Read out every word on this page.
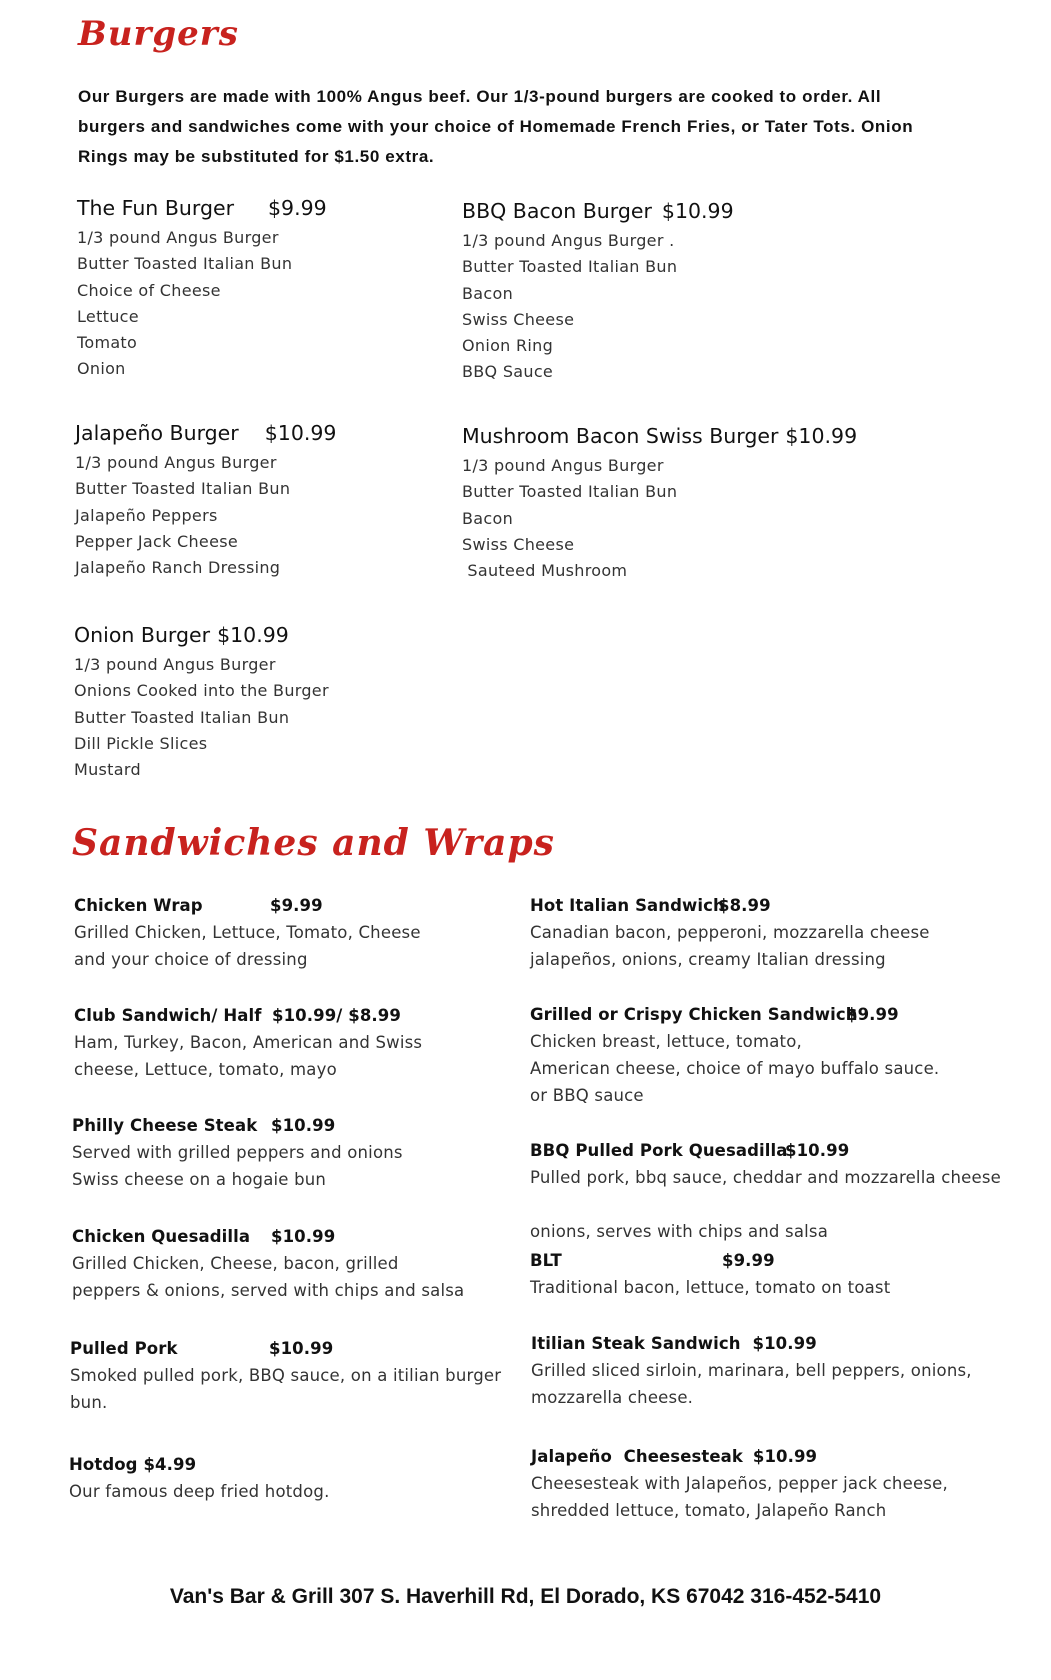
Burgers

Our Burgers are made with 100% Angus beef. Our 1/3-pound burgers are cooked to order. All burgers and sandwiches come with your choice of Homemade French Fries, or Tater Tots. Onion Rings may be substituted for $1.50 extra.

The Fun Burger $9.99
1/3 pound Angus Burger
Butter Toasted Italian Bun
Choice of Cheese
Lettuce
Tomato
Onion
BBQ Bacon Burger $10.99
1/3 pound Angus Burger .
Butter Toasted Italian Bun
Bacon
Swiss Cheese
Onion Ring
BBQ Sauce
Jalapeño Burger $10.99
1/3 pound Angus Burger
Butter Toasted Italian Bun
Jalapeño Peppers
Pepper Jack Cheese
Jalapeño Ranch Dressing
Mushroom Bacon Swiss Burger $10.99
1/3 pound Angus Burger
Butter Toasted Italian Bun
Bacon
Swiss Cheese
Sauteed Mushroom
Onion Burger $10.99
1/3 pound Angus Burger
Onions Cooked into the Burger
Butter Toasted Italian Bun
Dill Pickle Slices
Mustard
Sandwiches and Wraps
Chicken Wrap	$9.99
Grilled Chicken, Lettuce, Tomato, Cheese
and your choice of dressing
Club Sandwich/ Half $10.99/ $8.99
Ham, Turkey, Bacon, American and Swiss
cheese, Lettuce, tomato, mayo
Philly Cheese Steak $10.99
Served with grilled peppers and onions
Swiss cheese on a hogaie bun
Chicken Quesadilla $10.99
Grilled Chicken, Cheese, bacon, grilled
peppers & onions, served with chips and salsa
Pulled Pork	$10.99
Smoked pulled pork, BBQ sauce, on a itilian burger
bun.
Hotdog $4.99
Our famous deep fried hotdog.
Hot Italian Sandwich$8.99
Canadian bacon, pepperoni, mozzarella cheese
jalapeños, onions, creamy Italian dressing
Grilled or Crispy Chicken Sandwich$9.99
Chicken breast, lettuce, tomato,
American cheese, choice of mayo buffalo sauce.
or BBQ sauce
BBQ Pulled Pork Quesadilla$10.99
Pulled pork, bbq sauce, cheddar and mozzarella cheese
onions, serves with chips and salsa
BLT	$9.99
Traditional bacon, lettuce, tomato on toast
Itilian Steak Sandwich $10.99
Grilled sliced sirloin, marinara, bell peppers, onions,
mozzarella cheese.
Jalapeño  Cheesesteak $10.99
Cheesesteak with Jalapeños, pepper jack cheese,
shredded lettuce, tomato, Jalapeño Ranch

Van's Bar & Grill 307 S. Haverhill Rd, El Dorado, KS 67042 316-452-5410
